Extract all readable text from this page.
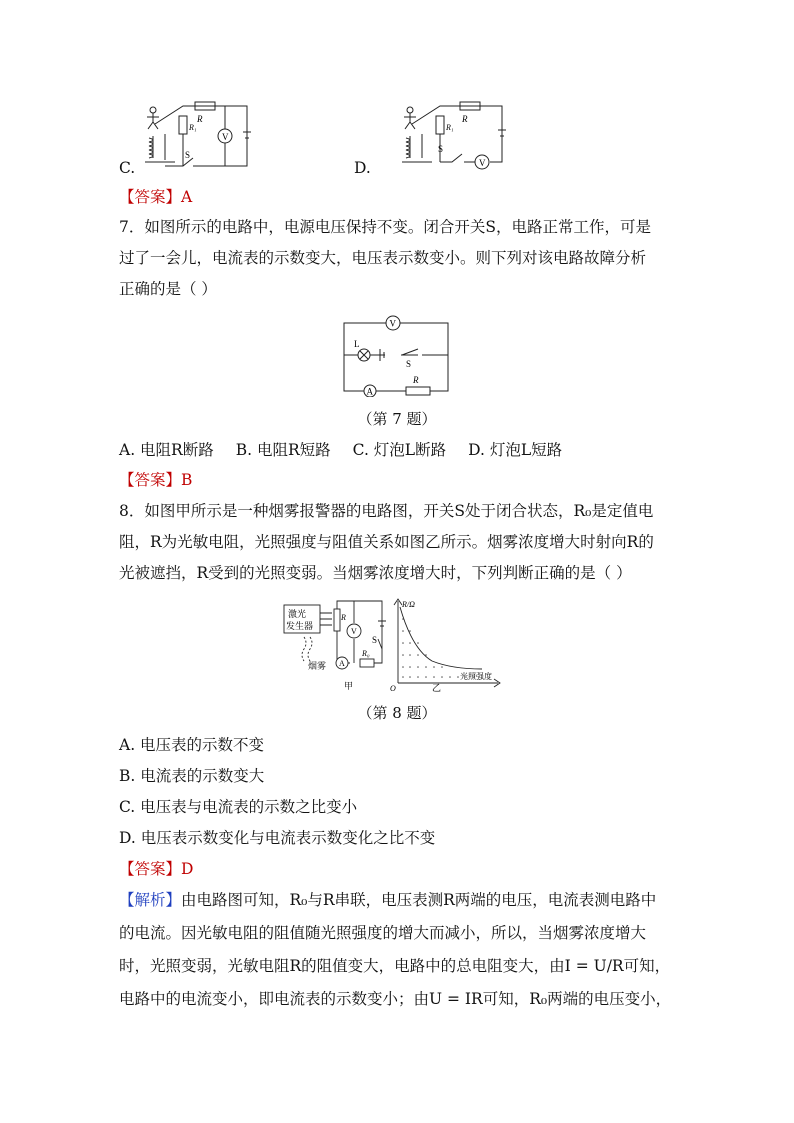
V
R
R₁
S
C.	V
R
R₁
S
D.
【答案】A
7．如图所示的电路中，电源电压保持不变。闭合开关S，电路正常工作，可是
过了一会儿，电流表的示数变大，电压表示数变小。则下列对该电路故障分析
正确的是（ ）
V
L
S
A
R
（第 7 题）
A. 电阻R断路 B. 电阻R短路 C. 灯泡L断路 D. 灯泡L短路
【答案】B
8．如图甲所示是一种烟雾报警器的电路图，开关S处于闭合状态，R₀是定值电
阻，R为光敏电阻，光照强度与阻值关系如图乙所示。烟雾浓度增大时射向R的
光被遮挡，R受到的光照变弱。当烟雾浓度增大时，下列判断正确的是（ ）
激光
发生器
烟雾
R
V
A
R₀
S
甲
R/Ω
O	乙
光照强度
（第 8 题）
A. 电压表的示数不变
B. 电流表的示数变大
C. 电压表与电流表的示数之比变小
D. 电压表示数变化与电流表示数变化之比不变
【答案】D
【解析】由电路图可知，R₀与R串联，电压表测R两端的电压，电流表测电路中
的电流。因光敏电阻的阻值随光照强度的增大而减小，所以，当烟雾浓度增大
时，光照变弱，光敏电阻R的阻值变大，电路中的总电阻变大，由I = U/R可知，
电路中的电流变小，即电流表的示数变小；由U = IR可知，R₀两端的电压变小，
